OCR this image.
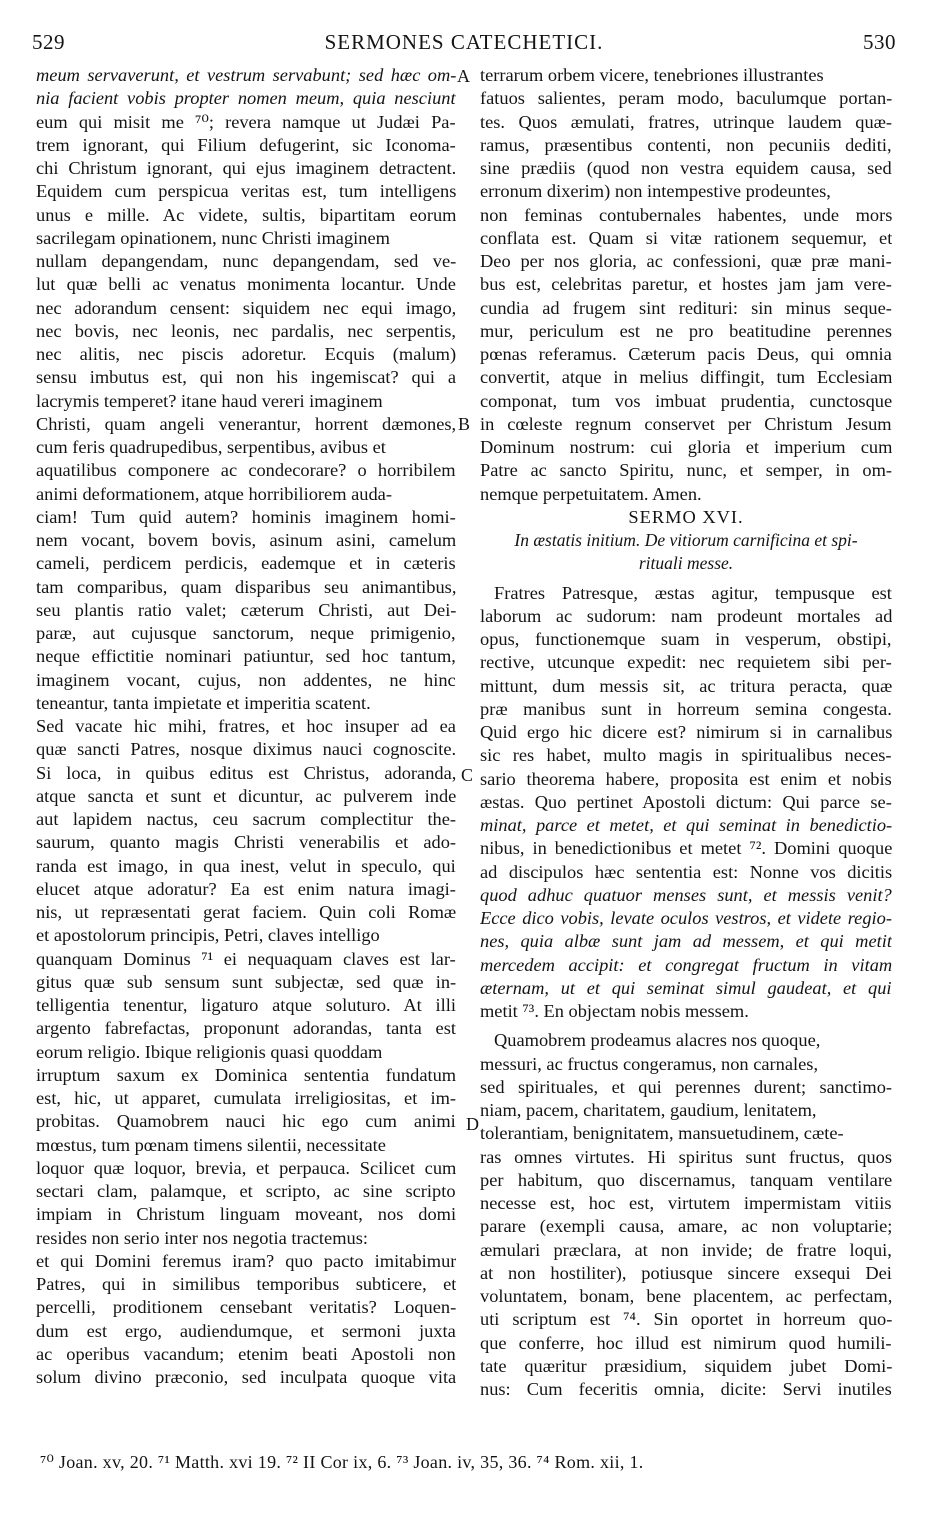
529	SERMONES CATECHETICI.	530
meum servaverunt, et vestrum servabunt; sed hæc om-
nia facient vobis propter nomen meum, quia nesciunt
eum qui misit me ⁷⁰; revera namque ut Judæi Pa-
trem ignorant, qui Filium defugerint, sic Iconoma-
chi Christum ignorant, qui ejus imaginem detractent.
Equidem cum perspicua veritas est, tum intelligens
unus e mille. Ac videte, sultis, bipartitam eorum
sacrilegam opinationem, nunc Christi imaginem
nullam depangendam, nunc depangendam, sed ve-
lut quæ belli ac venatus monimenta locantur. Unde
nec adorandum censent: siquidem nec equi imago,
nec bovis, nec leonis, nec pardalis, nec serpentis,
nec alitis, nec piscis adoretur. Ecquis (malum)
sensu imbutus est, qui non his ingemiscat? qui a
lacrymis temperet? itane haud vereri imaginem
Christi, quam angeli venerantur, horrent dæmones,
cum feris quadrupedibus, serpentibus, avibus et
aquatilibus componere ac condecorare? o horribilem
animi deformationem, atque horribiliorem auda-
ciam! Tum quid autem? hominis imaginem homi-
nem vocant, bovem bovis, asinum asini, camelum
cameli, perdicem perdicis, eademque et in cæteris
tam comparibus, quam disparibus seu animantibus,
seu plantis ratio valet; cæterum Christi, aut Dei-
paræ, aut cujusque sanctorum, neque primigenio,
neque effictitie nominari patiuntur, sed hoc tantum,
imaginem vocant, cujus, non addentes, ne hinc
teneantur, tanta impietate et imperitia scatent.
Sed vacate hic mihi, fratres, et hoc insuper ad ea
quæ sancti Patres, nosque diximus nauci cognoscite.
Si loca, in quibus editus est Christus, adoranda,
atque sancta et sunt et dicuntur, ac pulverem inde
aut lapidem nactus, ceu sacrum complectitur the-
saurum, quanto magis Christi venerabilis et ado-
randa est imago, in qua inest, velut in speculo, qui
elucet atque adoratur? Ea est enim natura imagi-
nis, ut repræsentati gerat faciem. Quin coli Romæ
et apostolorum principis, Petri, claves intelligo
quanquam Dominus ⁷¹ ei nequaquam claves est lar-
gitus quæ sub sensum sunt subjectæ, sed quæ in-
telligentia tenentur, ligaturo atque soluturo. At illi
argento fabrefactas, proponunt adorandas, tanta est
eorum religio. Ibique religionis quasi quoddam
irruptum saxum ex Dominica sententia fundatum
est, hic, ut apparet, cumulata irreligiositas, et im-
probitas. Quamobrem nauci hic ego cum animi
mœstus, tum pœnam timens silentii, necessitate
loquor quæ loquor, brevia, et perpauca. Scilicet cum
sectari clam, palamque, et scripto, ac sine scripto
impiam in Christum linguam moveant, nos domi
resides non serio inter nos negotia tractemus:
et qui Domini feremus iram? quo pacto imitabimur
Patres, qui in similibus temporibus subticere, et
percelli, proditionem censebant veritatis? Loquen-
dum est ergo, audiendumque, et sermoni juxta
ac operibus vacandum; etenim beati Apostoli non
solum divino præconio, sed inculpata quoque vita
terrarum orbem vicere, tenebriones illustrantes
fatuos salientes, peram modo, baculumque portan-
tes. Quos æmulati, fratres, utrinque laudem quæ-
ramus, præsentibus contenti, non pecuniis dediti,
sine prædiis (quod non vestra equidem causa, sed
erronum dixerim) non intempestive prodeuntes,
non feminas contubernales habentes, unde mors
conflata est. Quam si vitæ rationem sequemur, et
Deo per nos gloria, ac confessioni, quæ præ mani-
bus est, celebritas paretur, et hostes jam jam vere-
cundia ad frugem sint redituri: sin minus seque-
mur, periculum est ne pro beatitudine perennes
pœnas referamus. Cæterum pacis Deus, qui omnia
convertit, atque in melius diffingit, tum Ecclesiam
componat, tum vos imbuat prudentia, cunctosque
in cœleste regnum conservet per Christum Jesum
Dominum nostrum: cui gloria et imperium cum
Patre ac sancto Spiritu, nunc, et semper, in om-
nemque perpetuitatem. Amen.
SERMO XVI.
In æstatis initium. De vitiorum carnificina et spi-
rituali messe.
Fratres Patresque, æstas agitur, tempusque est
laborum ac sudorum: nam prodeunt mortales ad
opus, functionemque suam in vesperum, obstipi,
rective, utcunque expedit: nec requietem sibi per-
mittunt, dum messis sit, ac tritura peracta, quæ
præ manibus sunt in horreum semina congesta.
Quid ergo hic dicere est? nimirum si in carnalibus
sic res habet, multo magis in spiritualibus neces-
sario theorema habere, proposita est enim et nobis
æstas. Quo pertinet Apostoli dictum: Qui parce se-
minat, parce et metet, et qui seminat in benedictio-
nibus, in benedictionibus et metet ⁷². Domini quoque
ad discipulos hæc sententia est: Nonne vos dicitis
quod adhuc quatuor menses sunt, et messis venit?
Ecce dico vobis, levate oculos vestros, et videte regio-
nes, quia albæ sunt jam ad messem, et qui metit
mercedem accipit: et congregat fructum in vitam
æternam, ut et qui seminat simul gaudeat, et qui
metit ⁷³. En objectam nobis messem.
Quamobrem prodeamus alacres nos quoque,
messuri, ac fructus congeramus, non carnales,
sed spirituales, et qui perennes durent; sanctimo-
niam, pacem, charitatem, gaudium, lenitatem,
tolerantiam, benignitatem, mansuetudinem, cæte-
ras omnes virtutes. Hi spiritus sunt fructus, quos
per habitum, quo discernamus, tanquam ventilare
necesse est, hoc est, virtutem impermistam vitiis
parare (exempli causa, amare, ac non voluptarie;
æmulari præclara, at non invide; de fratre loqui,
at non hostiliter), potiusque sincere exsequi Dei
voluntatem, bonam, bene placentem, ac perfectam,
uti scriptum est ⁷⁴. Sin oportet in horreum quo-
que conferre, hoc illud est nimirum quod humili-
tate quæritur præsidium, siquidem jubet Domi-
nus: Cum feceritis omnia, dicite: Servi inutiles
A
B
C
D
⁷⁰ Joan. xv, 20. ⁷¹ Matth. xvi 19. ⁷² II Cor ix, 6. ⁷³ Joan. iv, 35, 36. ⁷⁴ Rom. xii, 1.
